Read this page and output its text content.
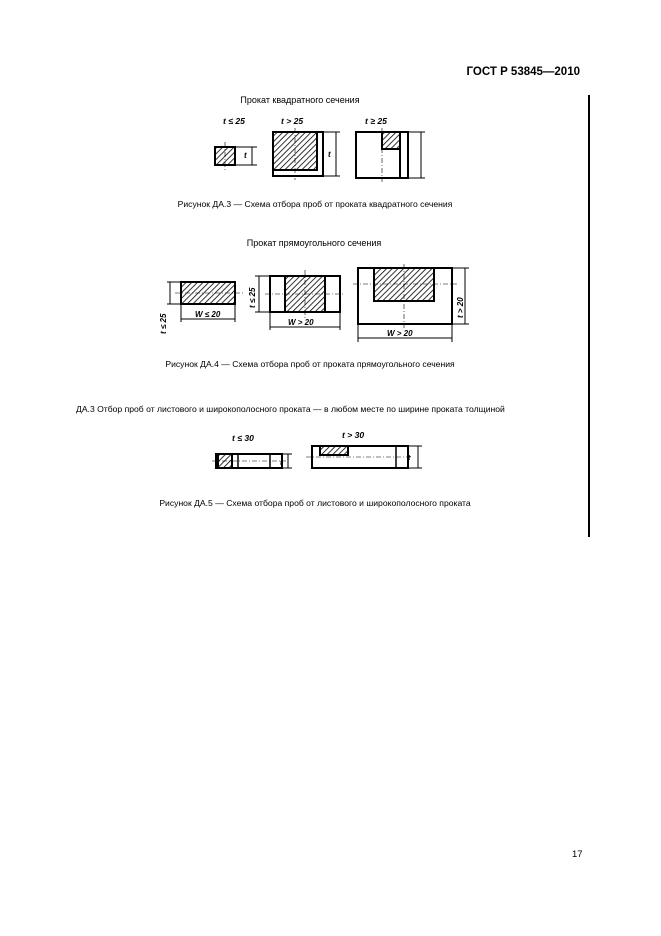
ГОСТ Р 53845—2010
Прокат квадратного сечения
t ≤ 25
t
t > 25
t
t ≥ 25
Рисунок ДА.3 — Схема отбора проб от проката квадратного сечения
Прокат прямоугольного сечения
t ≤ 25	W ≤ 20
t ≤ 25
W > 20
t > 20
W > 20
Рисунок ДА.4 — Схема отбора проб от проката прямоугольного сечения
ДА.3 Отбор проб от листового и широкополосного проката — в любом месте по ширине проката толщиной
t ≤ 30
t
t > 30
t
Рисунок ДА.5 — Схема отбора проб от листового и широкополосного проката
17
